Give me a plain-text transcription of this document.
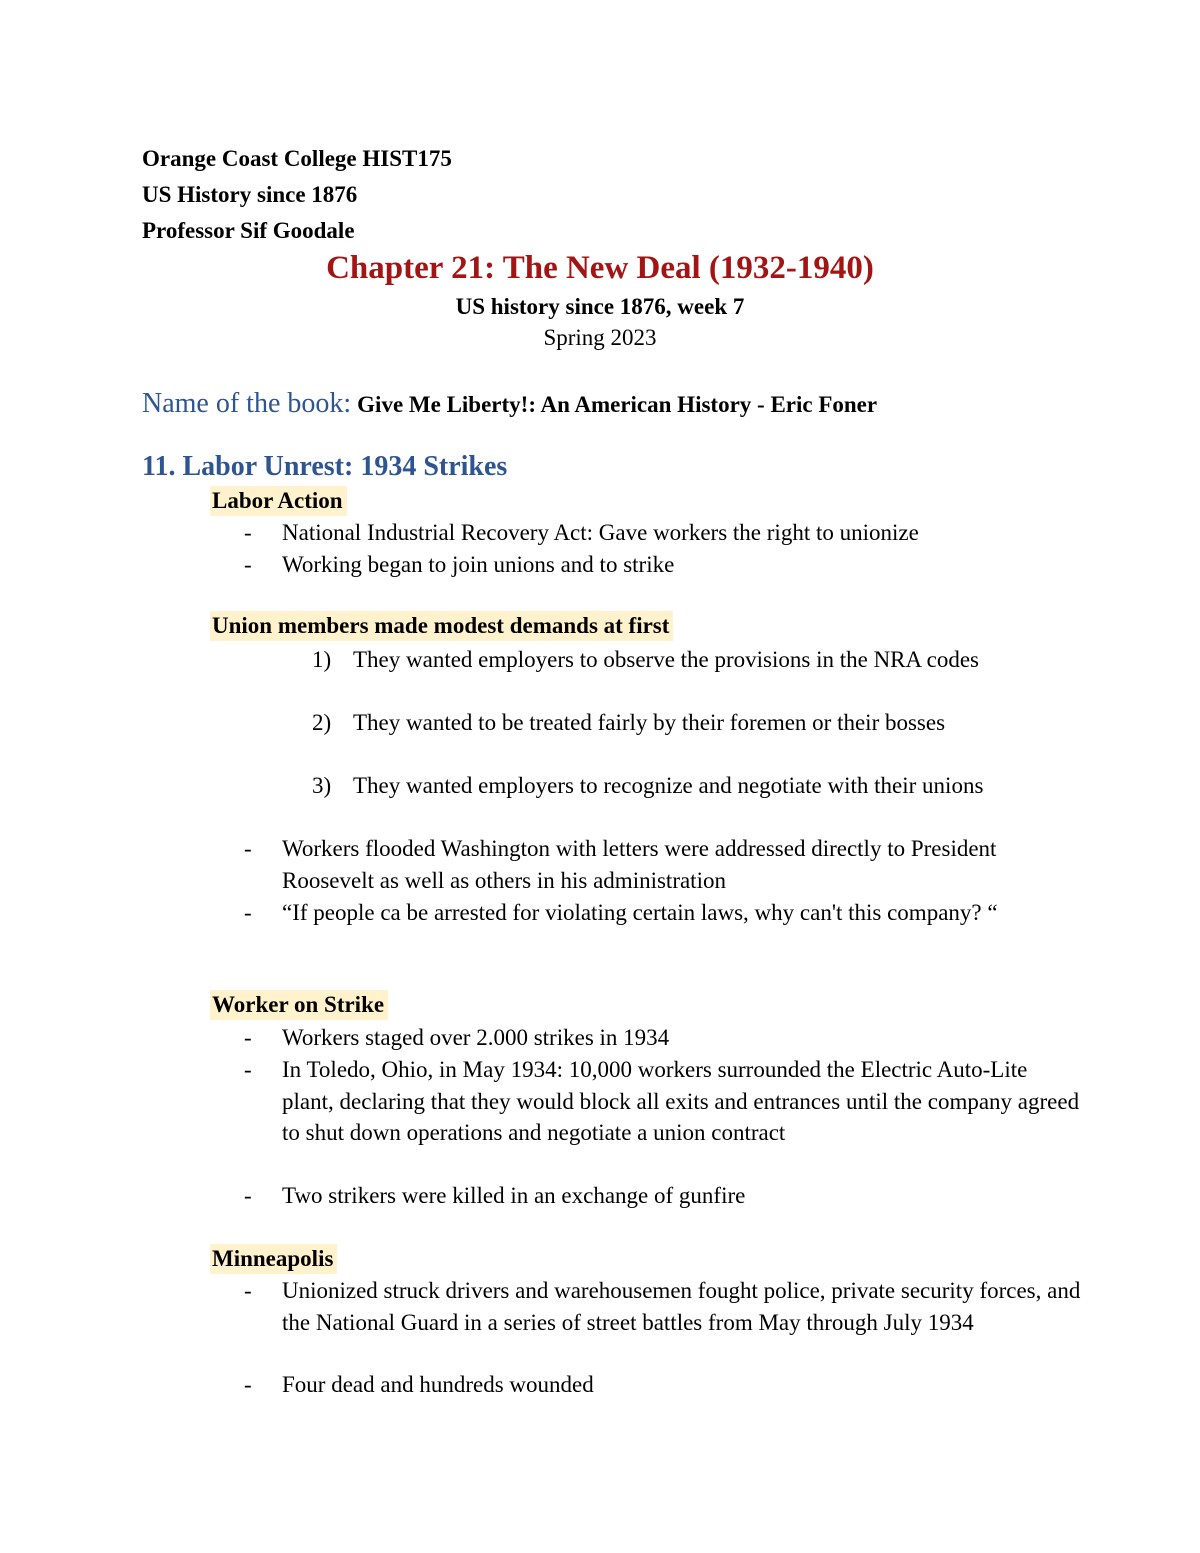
Orange Coast College HIST175
US History since 1876
Professor Sif Goodale
Chapter 21: The New Deal (1932-1940)
US history since 1876, week 7
Spring 2023
Name of the book: Give Me Liberty!: An American History - Eric Foner
11. Labor Unrest: 1934 Strikes
Labor Action
- National Industrial Recovery Act: Gave workers the right to unionize
- Working began to join unions and to strike
Union members made modest demands at first
1) They wanted employers to observe the provisions in the NRA codes
2) They wanted to be treated fairly by their foremen or their bosses
3) They wanted employers to recognize and negotiate with their unions
- Workers flooded Washington with letters were addressed directly to President Roosevelt as well as others in his administration
- “If people ca be arrested for violating certain laws, why can't this company? “
Worker on Strike
- Workers staged over 2.000 strikes in 1934
- In Toledo, Ohio, in May 1934: 10,000 workers surrounded the Electric Auto-Lite plant, declaring that they would block all exits and entrances until the company agreed to shut down operations and negotiate a union contract
- Two strikers were killed in an exchange of gunfire
Minneapolis
- Unionized struck drivers and warehousemen fought police, private security forces, and the National Guard in a series of street battles from May through July 1934
- Four dead and hundreds wounded
